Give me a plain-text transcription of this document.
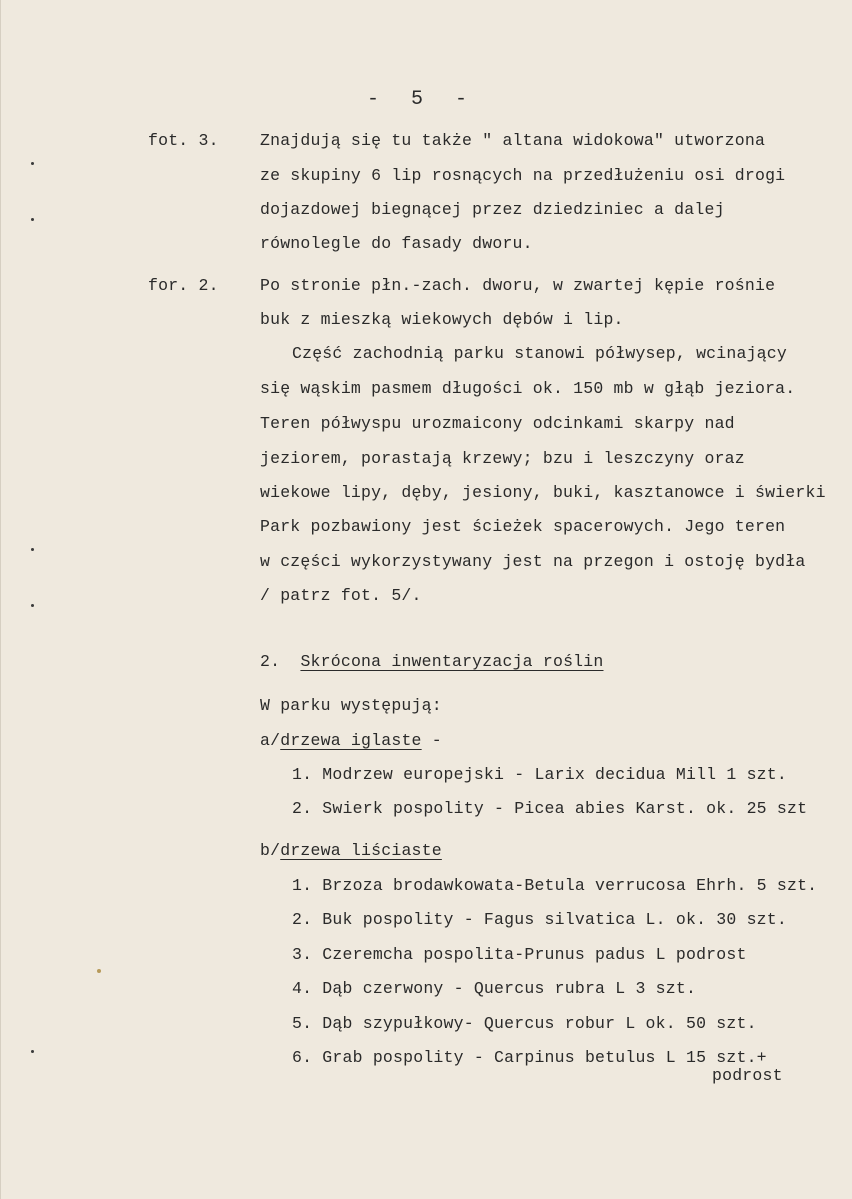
- 5 -
fot. 3.	Znajdują się tu także " altana widokowa" utworzona
ze skupiny 6 lip rosnących na przedłużeniu osi drogi
dojazdowej biegnącej przez dziedziniec a dalej
równolegle do fasady dworu.
for. 2.	Po stronie płn.-zach. dworu, w zwartej kępie rośnie
buk z mieszką wiekowych dębów i lip.
Część zachodnią parku stanowi półwysep, wcinający
się wąskim pasmem długości ok. 150 mb w głąb jeziora.
Teren półwyspu urozmaicony odcinkami skarpy nad
jeziorem, porastają krzewy; bzu i leszczyny oraz
wiekowe lipy, dęby, jesiony, buki, kasztanowce i świerki
Park pozbawiony jest ścieżek spacerowych. Jego teren
w części wykorzystywany jest na przegon i ostoję bydła
/ patrz fot. 5/.
2. Skrócona inwentaryzacja roślin
W parku występują:
a/drzewa iglaste -
1. Modrzew europejski - Larix decidua Mill 1 szt.
2. Swierk pospolity - Picea abies Karst. ok. 25 szt
b/drzewa liściaste
1. Brzoza brodawkowata-Betula verrucosa Ehrh. 5 szt.
2. Buk pospolity - Fagus silvatica L. ok. 30 szt.
3. Czeremcha pospolita-Prunus padus L podrost
4. Dąb czerwony - Quercus rubra L 3 szt.
5. Dąb szypułkowy- Quercus robur L ok. 50 szt.
6. Grab pospolity - Carpinus betulus L 15 szt.+
podrost
